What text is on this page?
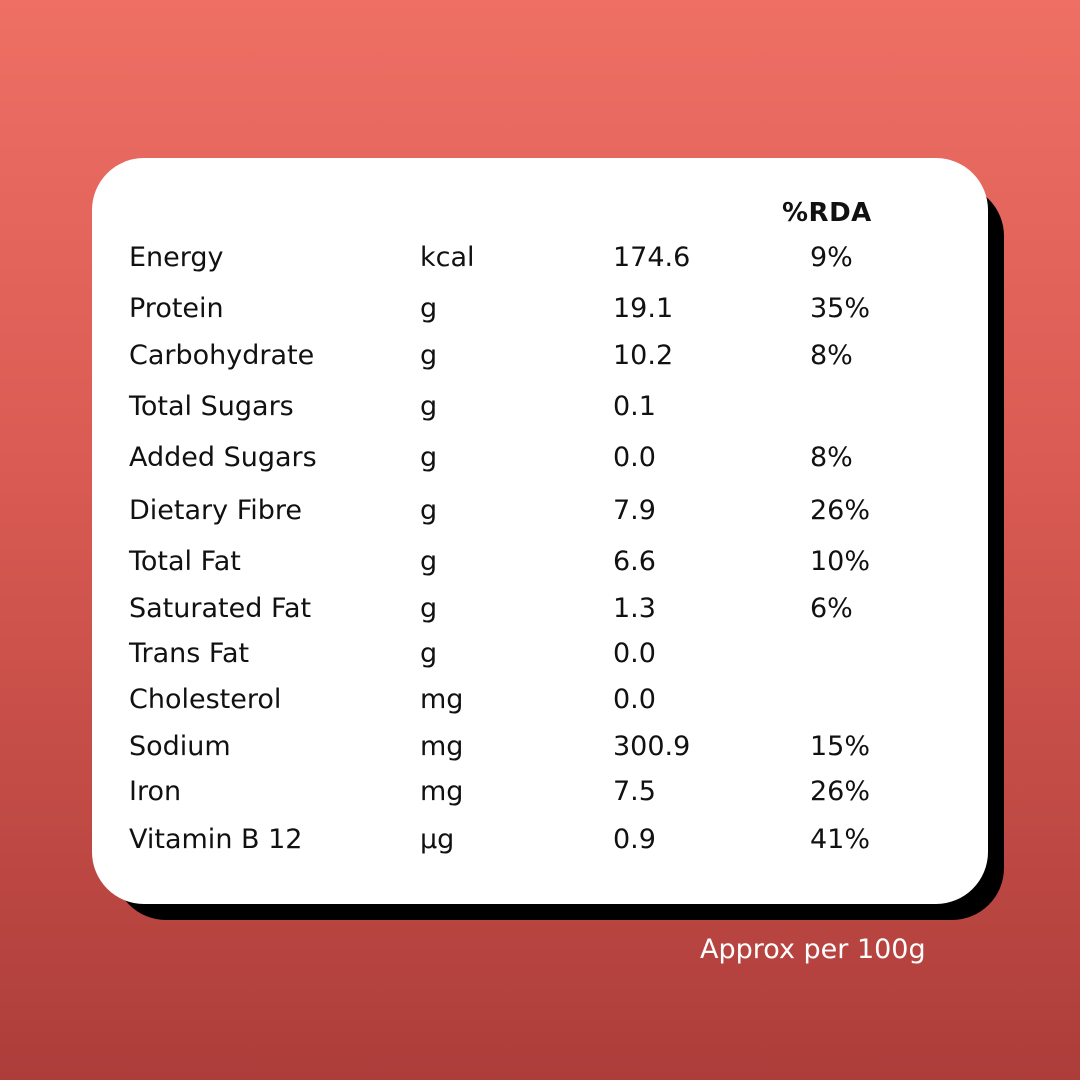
%RDA
Energy	kcal	174.6	9%
Protein	g	19.1	35%
Carbohydrate	g	10.2	8%
Total Sugars	g	0.1
Added Sugars	g	0.0	8%
Dietary Fibre	g	7.9	26%
Total Fat	g	6.6	10%
Saturated Fat	g	1.3	6%
Trans Fat	g	0.0
Cholesterol	mg	0.0
Sodium	mg	300.9	15%
Iron	mg	7.5	26%
Vitamin B 12	µg	0.9	41%
Approx per 100g
